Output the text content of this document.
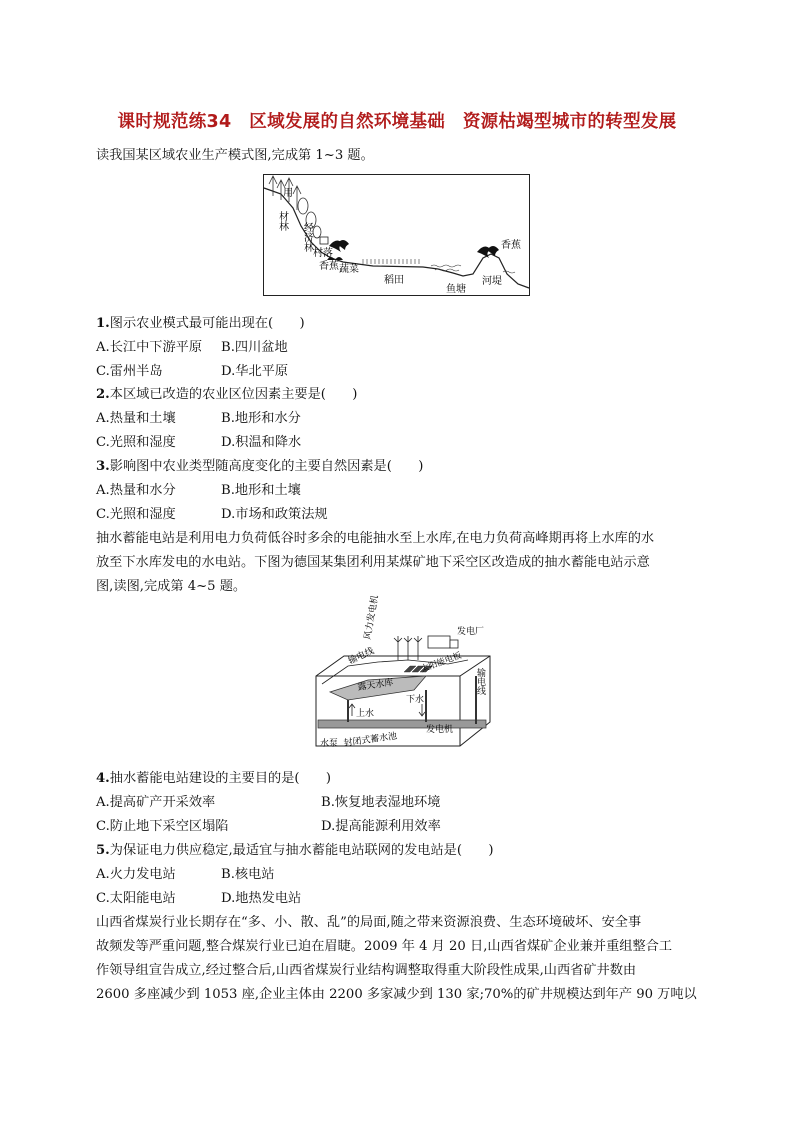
课时规范练34　区域发展的自然环境基础　资源枯竭型城市的转型发展
读我国某区域农业生产模式图,完成第 1~3 题。
用
材林
经济林
村落
香蕉 蔬菜
稻田
鱼塘
河堤
香蕉
1.图示农业模式最可能出现在(　　)
A.长江中下游平原 B.四川盆地
C.雷州半岛	D.华北平原
2.本区域已改造的农业区位因素主要是(　　)
A.热量和土壤	B.地形和水分
C.光照和湿度	D.积温和降水
3.影响图中农业类型随高度变化的主要自然因素是(　　)
A.热量和水分	B.地形和土壤
C.光照和湿度	D.市场和政策法规
抽水蓄能电站是利用电力负荷低谷时多余的电能抽水至上水库,在电力负荷高峰期再将上水库的水
放至下水库发电的水电站。下图为德国某集团利用某煤矿地下采空区改造成的抽水蓄能电站示意
图,读图,完成第 4~5 题。
风力发电机	发电厂
输电线	太阳能电板
输电线
露天水库
下水
上水
水泵 封闭式蓄水池
发电机
4.抽水蓄能电站建设的主要目的是(　　)
A.提高矿产开采效率	B.恢复地表湿地环境
C.防止地下采空区塌陷	D.提高能源利用效率
5.为保证电力供应稳定,最适宜与抽水蓄能电站联网的发电站是(　　)
A.火力发电站	B.核电站
C.太阳能电站	D.地热发电站
山西省煤炭行业长期存在“多、小、散、乱”的局面,随之带来资源浪费、生态环境破坏、安全事
故频发等严重问题,整合煤炭行业已迫在眉睫。2009 年 4 月 20 日,山西省煤矿企业兼并重组整合工
作领导组宣告成立,经过整合后,山西省煤炭行业结构调整取得重大阶段性成果,山西省矿井数由
2600 多座减少到 1053 座,企业主体由 2200 多家减少到 130 家;70%的矿井规模达到年产 90 万吨以
